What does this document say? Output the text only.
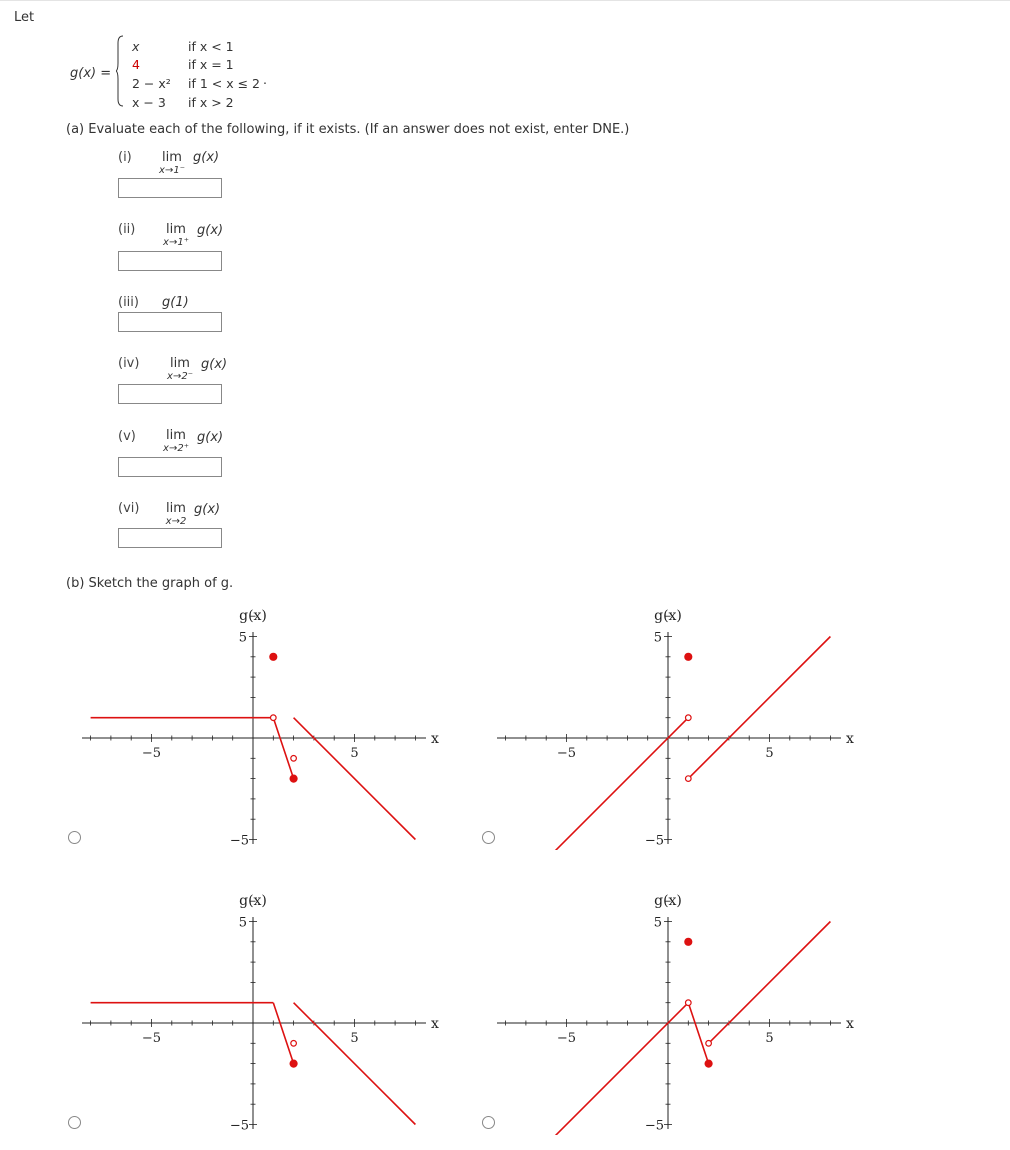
Let
g(x) =
x	if x < 1
4	if x = 1
2 − x² if 1 < x ≤ 2 .
x − 3 if x > 2
(a) Evaluate each of the following, if it exists. (If an answer does not exist, enter DNE.)
(i)	lim
x→1⁻
g(x)
(ii)	lim
x→1⁺
g(x)
(iii) g(1)
(iv)	lim
x→2⁻
g(x)
(v)	lim
x→2⁺
g(x)
(vi)	lim
x→2
g(x)
(b) Sketch the graph of g.
−5	5
5
−5
g(x)
x
−5	5
5
−5
g(x)
x
−5	5
5
−5
g(x)
x
−5	5
5
−5
g(x)
x
